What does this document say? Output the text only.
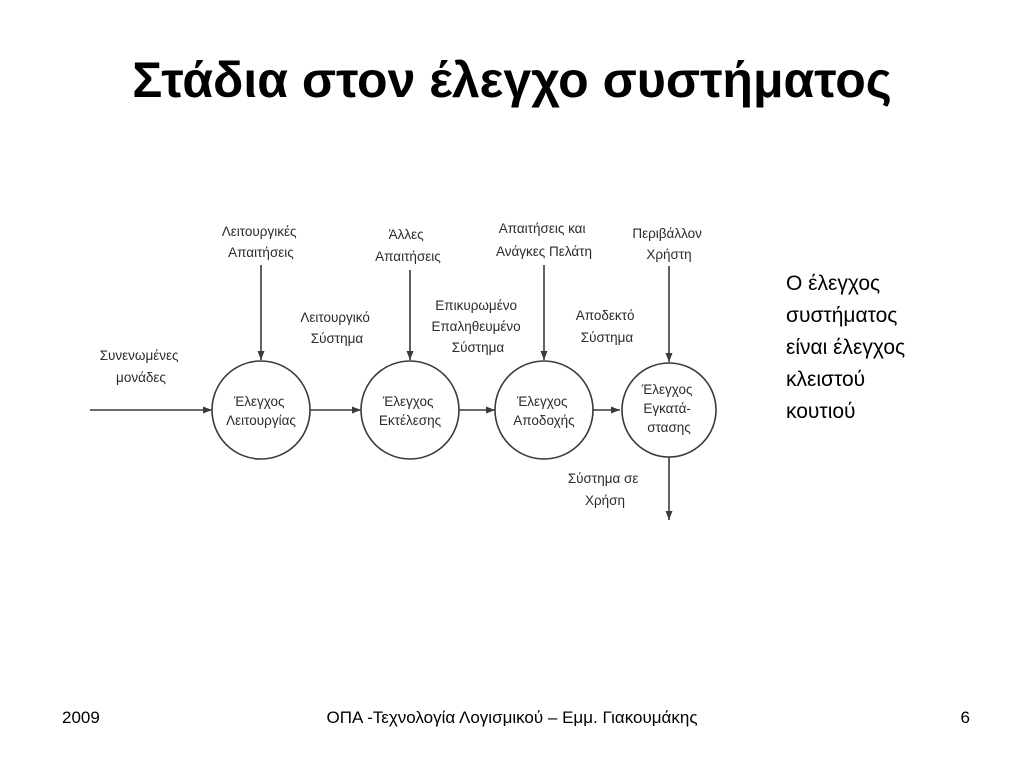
Στάδια στον έλεγχο συστήματος
Έλεγχος Λειτουργίας
Έλεγχος Εκτέλεσης
Έλεγχος Αποδοχής
Έλεγχος Εγκατά- στασης
Συνενωμένες μονάδες
Λειτουργικές Απαιτήσεις
Άλλες Απαιτήσεις
Απαιτήσεις και Ανάγκες Πελάτη
Περιβάλλον Χρήστη
Λειτουργικό Σύστημα
Επικυρωμένο Επαληθευμένο Σύστημα
Αποδεκτό Σύστημα
Σύστημα σε Χρήση
Ο έλεγχος
συστήματος
είναι έλεγχος
κλειστού
κουτιού
2009	ΟΠΑ -Τεχνολογία Λογισμικού – Εμμ. Γιακουμάκης	6
